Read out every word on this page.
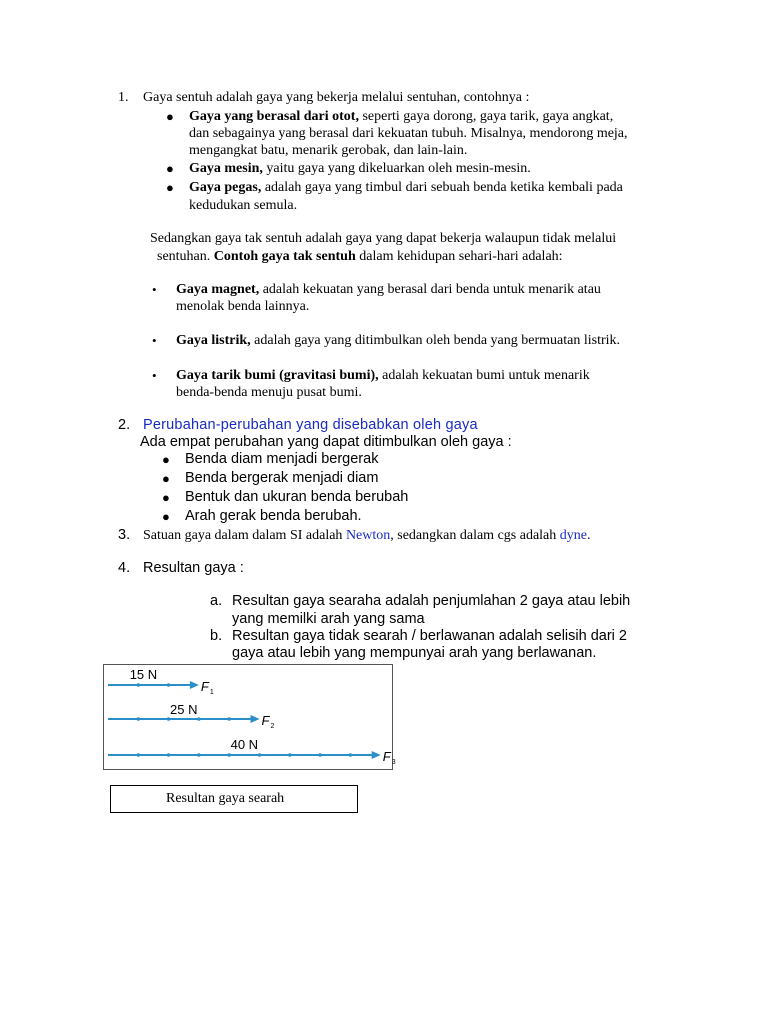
1. Gaya sentuh adalah gaya yang bekerja melalui sentuhan, contohnya :
● Gaya yang berasal dari otot, seperti gaya dorong, gaya tarik, gaya angkat,
dan sebagainya yang berasal dari kekuatan tubuh. Misalnya, mendorong meja,
mengangkat batu, menarik gerobak, dan lain-lain.
● Gaya mesin, yaitu gaya yang dikeluarkan oleh mesin-mesin.
● Gaya pegas, adalah gaya yang timbul dari sebuah benda ketika kembali pada
kedudukan semula.
Sedangkan gaya tak sentuh adalah gaya yang dapat bekerja walaupun tidak melalui
sentuhan. Contoh gaya tak sentuh dalam kehidupan sehari-hari adalah:
• Gaya magnet, adalah kekuatan yang berasal dari benda untuk menarik atau
menolak benda lainnya.
• Gaya listrik, adalah gaya yang ditimbulkan oleh benda yang bermuatan listrik.
• Gaya tarik bumi (gravitasi bumi), adalah kekuatan bumi untuk menarik
benda-benda menuju pusat bumi.
2. Perubahan-perubahan yang disebabkan oleh gaya
Ada empat perubahan yang dapat ditimbulkan oleh gaya :
● Benda diam menjadi bergerak
● Benda bergerak menjadi diam
● Bentuk dan ukuran benda berubah
● Arah gerak benda berubah.
3. Satuan gaya dalam dalam SI adalah Newton, sedangkan dalam cgs adalah dyne.
4. Resultan gaya :
a. Resultan gaya searaha adalah penjumlahan 2 gaya atau lebih
yang memilki arah yang sama
b. Resultan gaya tidak searah / berlawanan adalah selisih dari 2
gaya atau lebih yang mempunyai arah yang berlawanan.
15 N
F 1
25 N
F 2
40 N
F 3
Resultan gaya searah
